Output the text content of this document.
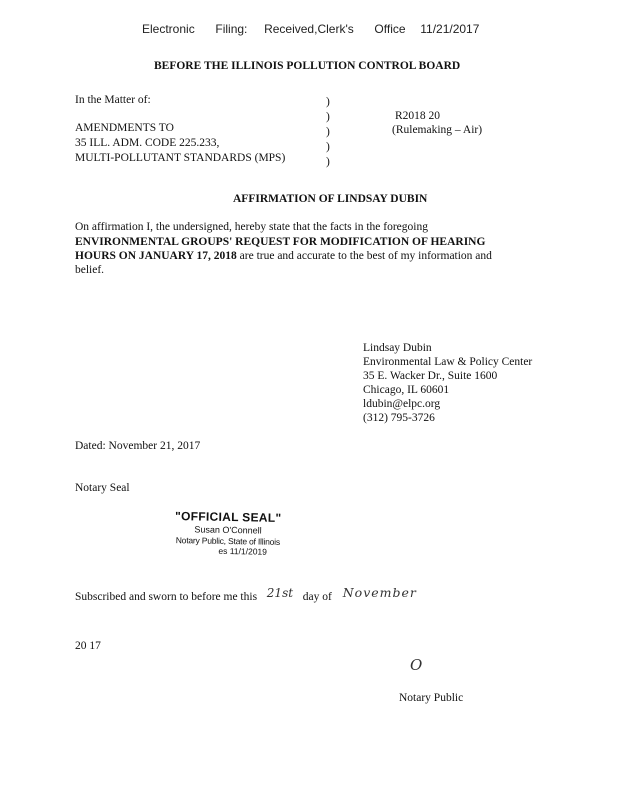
Electronic Filing: Received,Clerk's Office 11/21/2017
BEFORE THE ILLINOIS POLLUTION CONTROL BOARD
In the Matter of:
AMENDMENTS TO
35 ILL. ADM. CODE 225.233,
MULTI-POLLUTANT STANDARDS (MPS)
)
)
)
)
)
R2018 20
(Rulemaking – Air)
AFFIRMATION OF LINDSAY DUBIN
On affirmation I, the undersigned, hereby state that the facts in the foregoing
ENVIRONMENTAL GROUPS' REQUEST FOR MODIFICATION OF HEARING
HOURS ON JANUARY 17, 2018 are true and accurate to the best of my information and
belief.
Lindsay Dubin
Environmental Law & Policy Center
35 E. Wacker Dr., Suite 1600
Chicago, IL 60601
ldubin@elpc.org
(312) 795-3726
Dated: November 21, 2017
Notary Seal
"OFFICIAL SEAL"
Susan O'Connell
Notary Public, State of Illinois
es 11/1/2019
Subscribed and sworn to before me this 21st day of November
20 17
O
Notary Public
